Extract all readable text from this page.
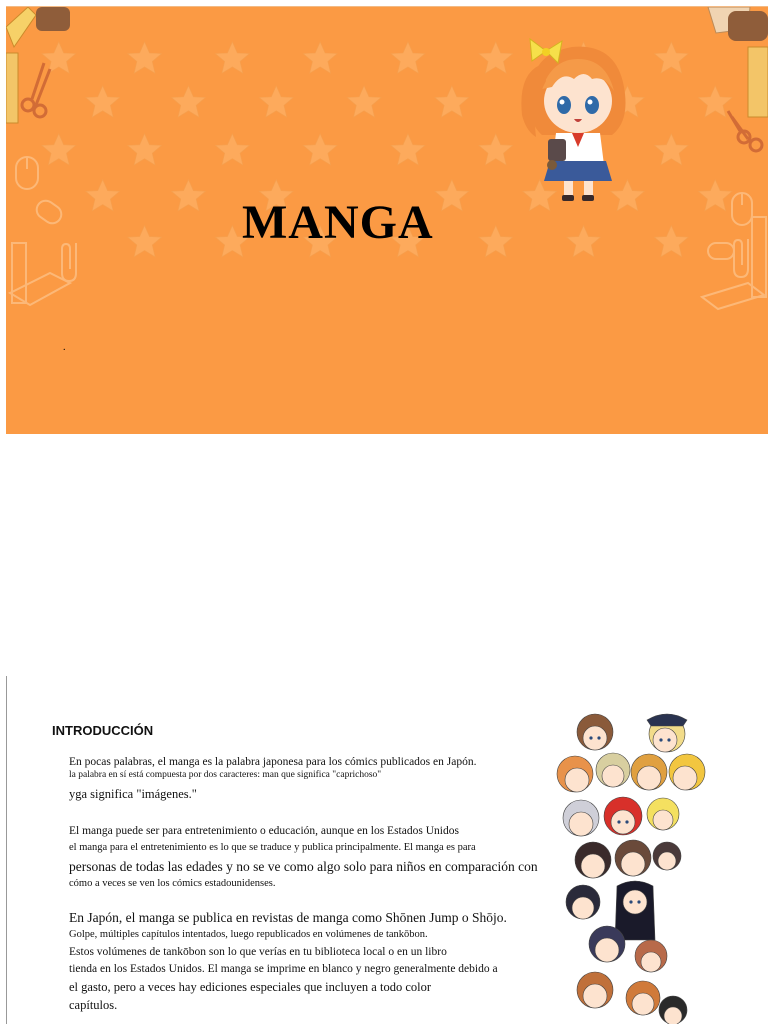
MANGA
.
INTRODUCCIÓN
En pocas palabras, el manga es la palabra japonesa para los cómics publicados en Japón.
la palabra en sí está compuesta por dos caracteres: man que significa "caprichoso"
yga significa "imágenes."
El manga puede ser para entretenimiento o educación, aunque en los Estados Unidos
el manga para el entretenimiento es lo que se traduce y publica principalmente. El manga es para
personas de todas las edades y no se ve como algo solo para niños en comparación con
cómo a veces se ven los cómics estadounidenses.
En Japón, el manga se publica en revistas de manga como Shōnen Jump o Shōjo.
Golpe, múltiples capítulos intentados, luego republicados en volúmenes de tankōbon.
Estos volúmenes de tankōbon son lo que verías en tu biblioteca local o en un libro
tienda en los Estados Unidos. El manga se imprime en blanco y negro generalmente debido a
el gasto, pero a veces hay ediciones especiales que incluyen a todo color
capítulos.
